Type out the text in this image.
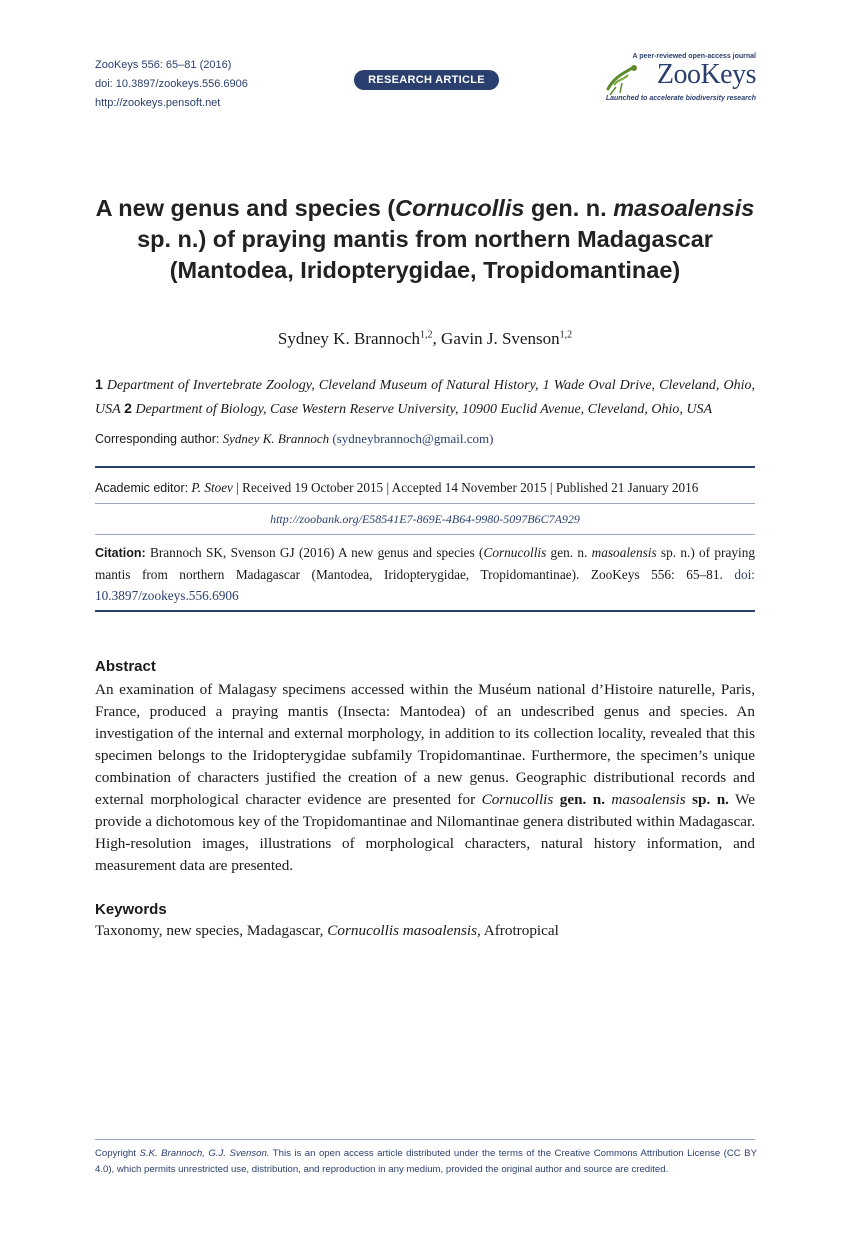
ZooKeys 556: 65–81 (2016)
doi: 10.3897/zookeys.556.6906
http://zookeys.pensoft.net
RESEARCH ARTICLE
A peer-reviewed open-access journal
ZooKeys
Launched to accelerate biodiversity research
A new genus and species (Cornucollis gen. n. masoalensis sp. n.) of praying mantis from northern Madagascar (Mantodea, Iridopterygidae, Tropidomantinae)
Sydney K. Brannoch$^{1,2}$, Gavin J. Svenson$^{1,2}$
1 Department of Invertebrate Zoology, Cleveland Museum of Natural History, 1 Wade Oval Drive, Cleveland, Ohio, USA 2 Department of Biology, Case Western Reserve University, 10900 Euclid Avenue, Cleveland, Ohio, USA
Corresponding author: Sydney K. Brannoch (sydneybrannoch@gmail.com)
Academic editor: P. Stoev | Received 19 October 2015 | Accepted 14 November 2015 | Published 21 January 2016
http://zoobank.org/E58541E7-869E-4B64-9980-5097B6C7A929
Citation: Brannoch SK, Svenson GJ (2016) A new genus and species (Cornucollis gen. n. masoalensis sp. n.) of praying mantis from northern Madagascar (Mantodea, Iridopterygidae, Tropidomantinae). ZooKeys 556: 65–81. doi: 10.3897/zookeys.556.6906
Abstract
An examination of Malagasy specimens accessed within the Muséum national d’Histoire naturelle, Paris, France, produced a praying mantis (Insecta: Mantodea) of an undescribed genus and species. An investigation of the internal and external morphology, in addition to its collection locality, revealed that this specimen belongs to the Iridopterygidae subfamily Tropidomantinae. Furthermore, the specimen’s unique combination of characters justified the creation of a new genus. Geographic distributional records and external morphological character evidence are presented for Cornucollis gen. n. masoalensis sp. n. We provide a dichotomous key of the Tropidomantinae and Nilomantinae genera distributed within Madagascar. High-resolution images, illustrations of morphological characters, natural history information, and measurement data are presented.
Keywords
Taxonomy, new species, Madagascar, Cornucollis masoalensis, Afrotropical
Copyright S.K. Brannoch, G.J. Svenson. This is an open access article distributed under the terms of the Creative Commons Attribution License (CC BY 4.0), which permits unrestricted use, distribution, and reproduction in any medium, provided the original author and source are credited.
